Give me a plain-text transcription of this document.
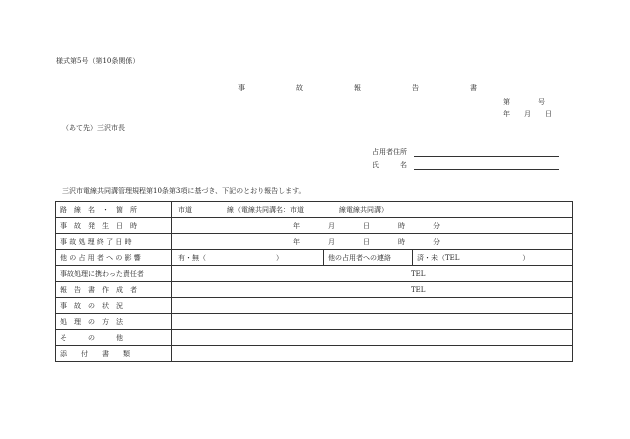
様式第5号（第10条関係）
事　故　報　告　書
第　　　　号
年　　月　　日
（あて先）三沢市長
占用者住所
氏　　　名
三沢市電線共同溝管理規程第10条第3項に基づき、下記のとおり報告します。
路　線　名　・　箇　所	市道　　　　　線（電線共同溝名：市道　　　　　線電線共同溝）		
事　故　発　生　日　時	年　　　　月　　　　日　　　　時　　　　分		
事 故 処 理 終 了 日 時	年　　　　月　　　　日　　　　時　　　　分		
他 の 占 用 者 へ の 影 響	有・無（　　　　　　　　　　）	他の占用者への連絡	済・未（TEL　　　　　　　　　）
事故処理に携わった責任者	TEL		
報　告　書　作　成　者	TEL		
事　故　の　状　況			
処　理　の　方　法			
そ　　　の　　　他			
添　　付　　書　　類			
